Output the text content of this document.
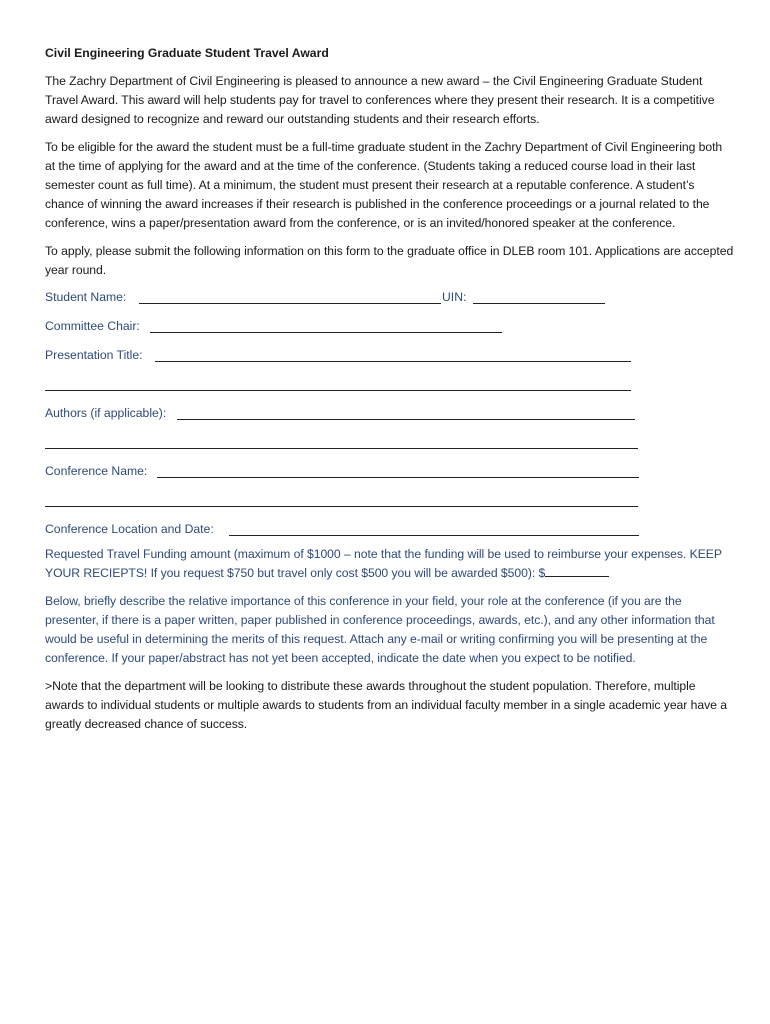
Civil Engineering Graduate Student Travel Award

The Zachry Department of Civil Engineering is pleased to announce a new award – the Civil Engineering Graduate Student Travel Award. This award will help students pay for travel to conferences where they present their research. It is a competitive award designed to recognize and reward our outstanding students and their research efforts.

To be eligible for the award the student must be a full-time graduate student in the Zachry Department of Civil Engineering both at the time of applying for the award and at the time of the conference. (Students taking a reduced course load in their last semester count as full time). At a minimum, the student must present their research at a reputable conference. A student’s chance of winning the award increases if their research is published in the conference proceedings or a journal related to the conference, wins a paper/presentation award from the conference, or is an invited/honored speaker at the conference.

To apply, please submit the following information on this form to the graduate office in DLEB room 101. Applications are accepted year round.

Student Name:	UIN:
Committee Chair:
Presentation Title:
Authors (if applicable):
Conference Name:
Conference Location and Date:

Requested Travel Funding amount (maximum of $1000 – note that the funding will be used to reimburse your expenses. KEEP YOUR RECIEPTS! If you request $750 but travel only cost $500 you will be awarded $500): $

Below, briefly describe the relative importance of this conference in your field, your role at the conference (if you are the presenter, if there is a paper written, paper published in conference proceedings, awards, etc.), and any other information that would be useful in determining the merits of this request. Attach any e-mail or writing confirming you will be presenting at the conference. If your paper/abstract has not yet been accepted, indicate the date when you expect to be notified.

>Note that the department will be looking to distribute these awards throughout the student population. Therefore, multiple awards to individual students or multiple awards to students from an individual faculty member in a single academic year have a greatly decreased chance of success.
